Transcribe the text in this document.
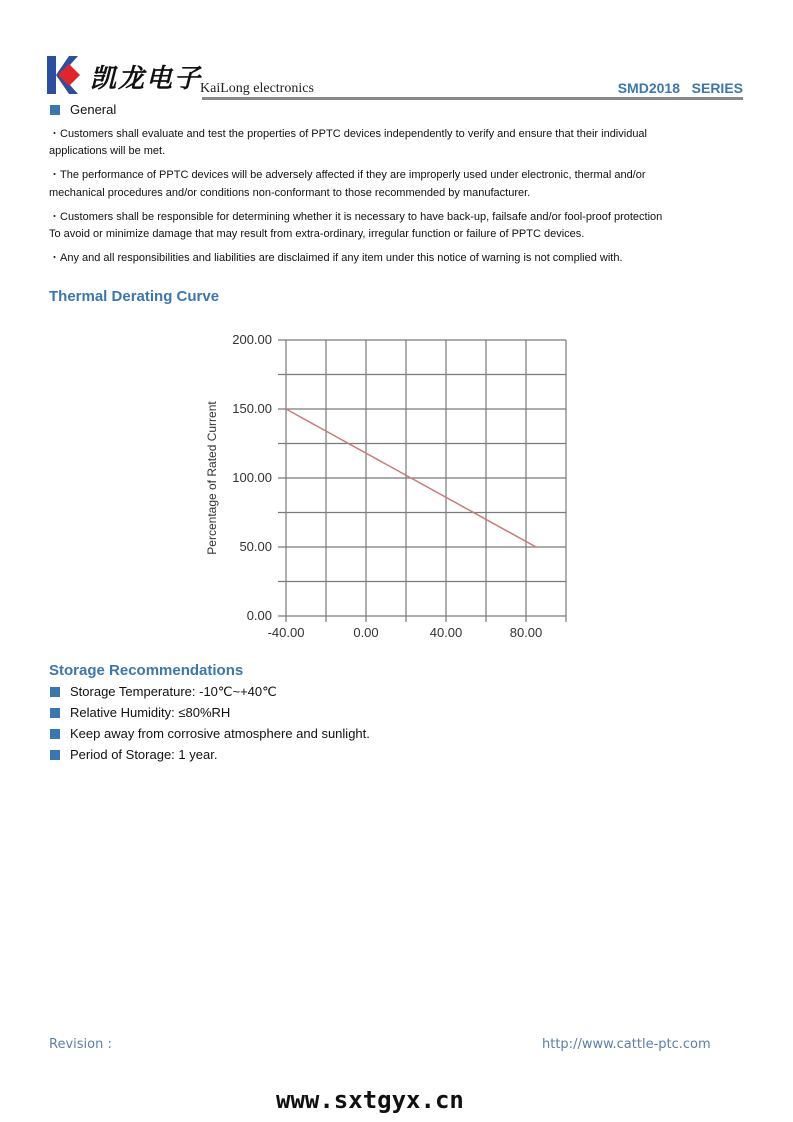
凯龙电子
KaiLong electronics	SMD2018   SERIES
General
・Customers shall evaluate and test the properties of PPTC devices independently to verify and ensure that their individual
applications will be met.
・The performance of PPTC devices will be adversely affected if they are improperly used under electronic, thermal and/or
mechanical procedures and/or conditions non-conformant to those recommended by manufacturer.
・Customers shall be responsible for determining whether it is necessary to have back-up, failsafe and/or fool-proof protection
To avoid or minimize damage that may result from extra-ordinary, irregular function or failure of PPTC devices.
・Any and all responsibilities and liabilities are disclaimed if any item under this notice of warning is not complied with.
Thermal Derating Curve
0.00
50.00
100.00
150.00
200.00
-40.00	0.00	40.00	80.00
Percentage of Rated Current
Storage Recommendations
Storage Temperature: -10℃~+40℃
Relative Humidity: ≤80%RH
Keep away from corrosive atmosphere and sunlight.
Period of Storage: 1 year.
Revision :	http://www.cattle-ptc.com
www.sxtgyx.cn
